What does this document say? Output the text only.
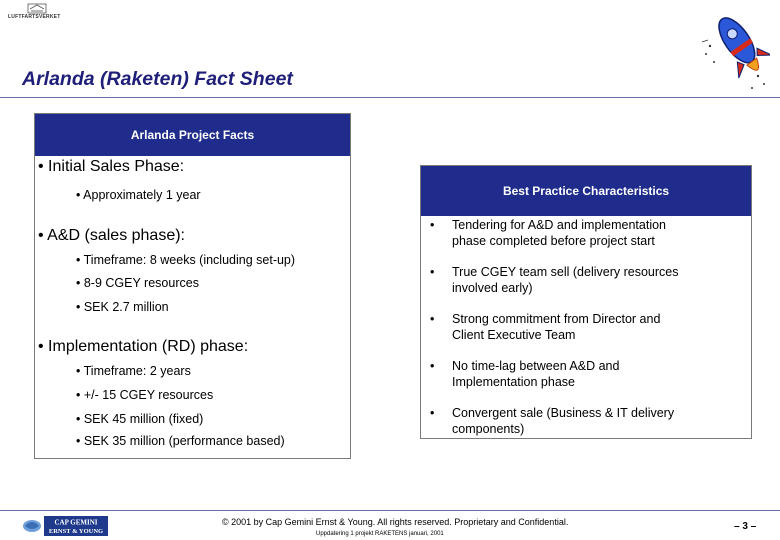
LUFTFARTSVERKET
Arlanda (Raketen) Fact Sheet
Arlanda Project Facts
• Initial Sales Phase:
• Approximately 1 year
• A&D (sales phase):
• Timeframe: 8 weeks (including set-up)
• 8-9 CGEY resources
• SEK 2.7 million
• Implementation (RD) phase:
• Timeframe: 2 years
• +/- 15 CGEY resources
• SEK 45 million (fixed)
• SEK 35 million (performance based)
Best Practice Characteristics
• Tendering for A&D and implementation
phase completed before project start
• True CGEY team sell (delivery resources
involved early)
• Strong commitment from Director and
Client Executive Team
• No time-lag between A&D and
Implementation phase
• Convergent sale (Business & IT delivery
components)
CAP GEMINI
ERNST & YOUNG
© 2001 by Cap Gemini Ernst & Young. All rights reserved. Proprietary and Confidential.
Uppdatering 1 projekt RAKETENS januari, 2001
– 3 –
